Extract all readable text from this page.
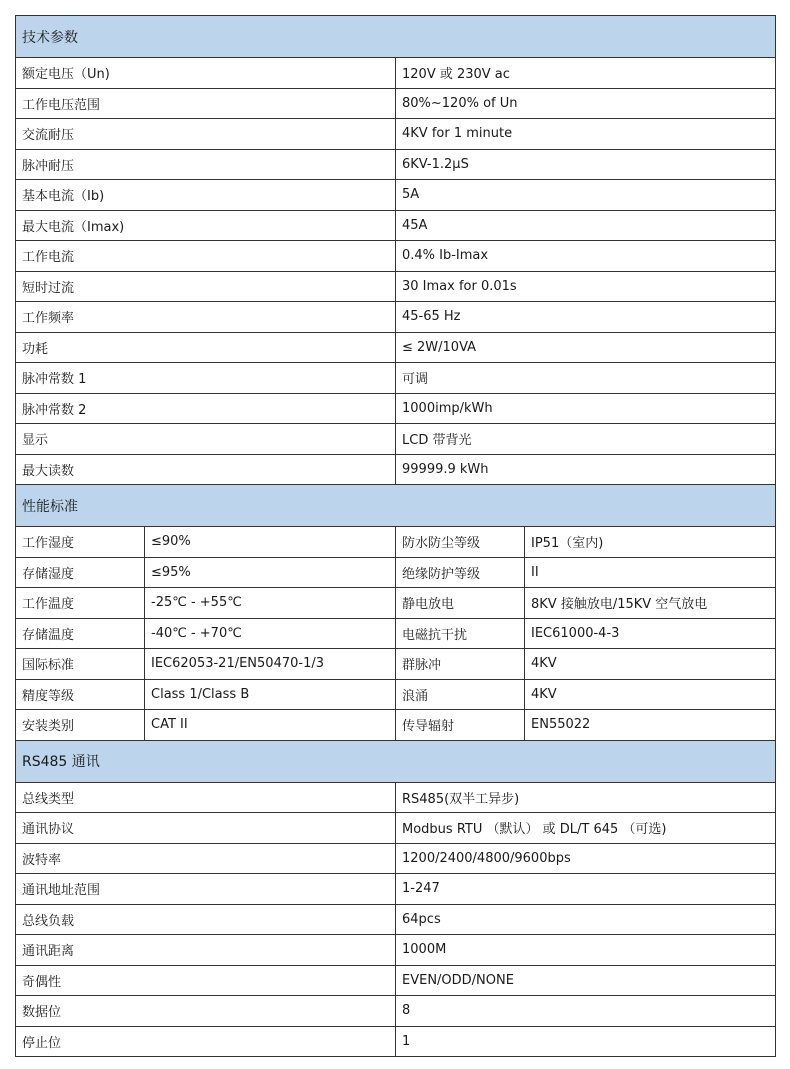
技术参数			
额定电压（Un)		120V 或 230V ac	
工作电压范围		80%~120% of Un	
交流耐压		4KV for 1 minute	
脉冲耐压		6KV-1.2μS	
基本电流（Ib)		5A	
最大电流（Imax)		45A	
工作电流		0.4% Ib-Imax	
短时过流		30 Imax for 0.01s	
工作频率		45-65 Hz	
功耗		≤ 2W/10VA	
脉冲常数 1		可调	
脉冲常数 2		1000imp/kWh	
显示		LCD 带背光	
最大读数		99999.9 kWh	
性能标准			
工作湿度	≤90%	防水防尘等级	IP51（室内)
存储湿度	≤95%	绝缘防护等级	II
工作温度	-25℃ - +55℃	静电放电	8KV 接触放电/15KV 空气放电
存储温度	-40℃ - +70℃	电磁抗干扰	IEC61000-4-3
国际标准	IEC62053-21/EN50470-1/3	群脉冲	4KV
精度等级	Class 1/Class B	浪涌	4KV
安装类别	CAT II	传导辐射	EN55022
RS485 通讯			
总线类型		RS485(双半工异步)	
通讯协议		Modbus RTU （默认） 或 DL/T 645 （可选)	
波特率		1200/2400/4800/9600bps	
通讯地址范围		1-247	
总线负载		64pcs	
通讯距离		1000M	
奇偶性		EVEN/ODD/NONE	
数据位		8	
停止位		1	
